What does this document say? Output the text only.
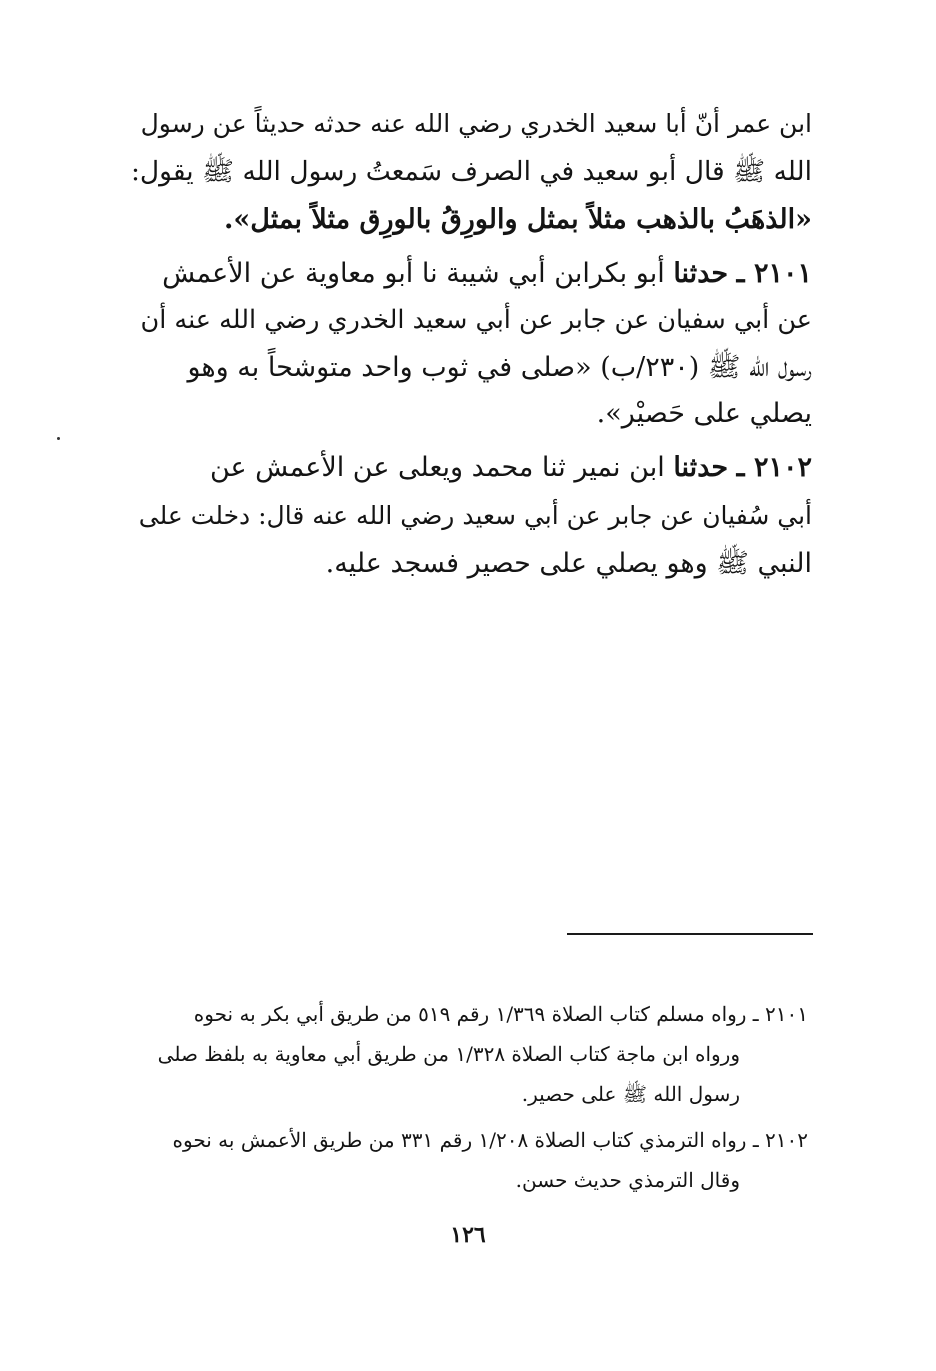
ابن عمر أنّ أبا سعيد الخدري رضي الله عنه حدثه حديثاً عن رسول
الله ﷺ قال أبو سعيد في الصرف سَمعتُ رسول الله ﷺ يقول:
«الذهَبُ بالذهب مثلاً بمثل والورِقُ بالورِق مثلاً بمثل».
٢١٠١ ـ حدثنا أبو بكرابن أبي شيبة نا أبو معاوية عن الأعمش
عن أبي سفيان عن جابر عن أبي سعيد الخدري رضي الله عنه أن
رسول الله ﷺ (٢٣٠/ب) «صلى في ثوب واحد متوشحاً به وهو
يصلي على حَصيْر».
٢١٠٢ ـ حدثنا ابن نمير ثنا محمد ويعلى عن الأعمش عن
أبي سُفيان عن جابر عن أبي سعيد رضي الله عنه قال: دخلت على
النبي ﷺ وهو يصلي على حصير فسجد عليه.
٢١٠١ ـ رواه مسلم كتاب الصلاة ١/٣٦٩ رقم ٥١٩ من طريق أبي بكر به نحوه
ورواه ابن ماجة كتاب الصلاة ١/٣٢٨ من طريق أبي معاوية به بلفظ صلى
رسول الله ﷺ على حصير.
٢١٠٢ ـ رواه الترمذي كتاب الصلاة ١/٢٠٨ رقم ٣٣١ من طريق الأعمش به نحوه
وقال الترمذي حديث حسن.
١٢٦
